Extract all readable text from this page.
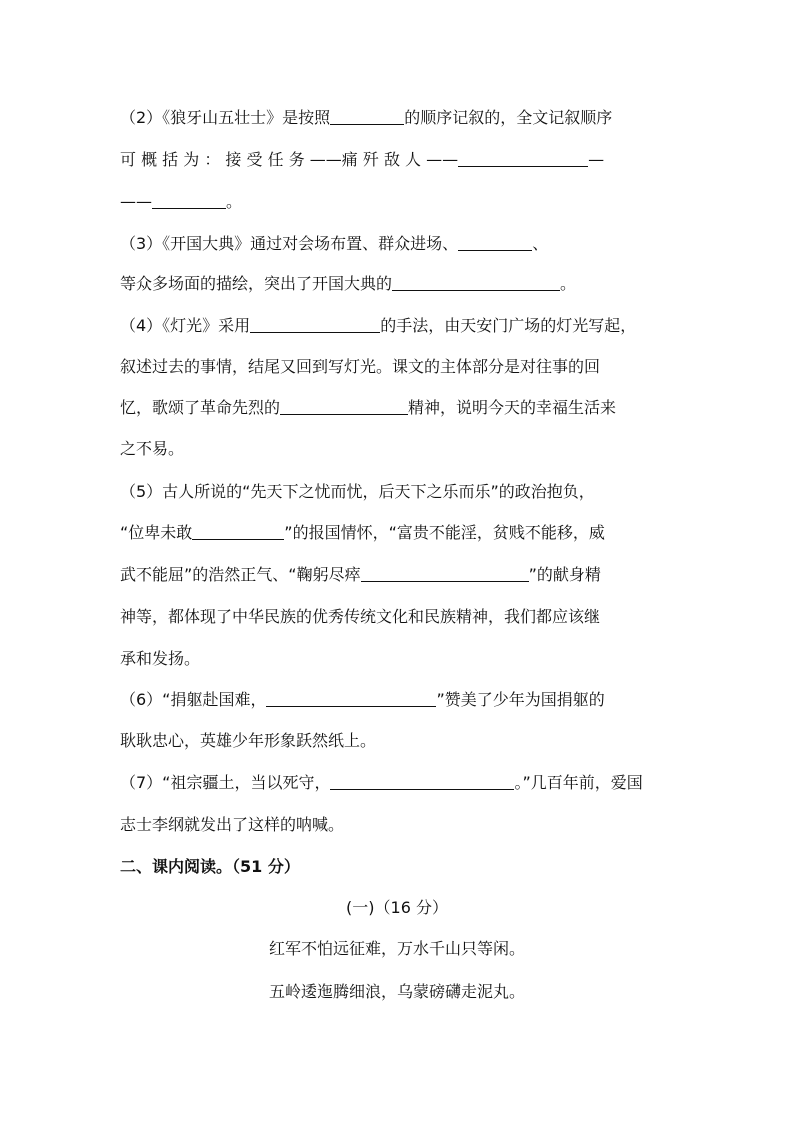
（2）《狼牙山五壮士》是按照	的顺序记叙的，全文记叙顺序
可 概 括 为 ： 接 受 任 务 ——痛 歼 敌 人 ——	—
——	。
（3）《开国大典》通过对会场布置、群众进场、	、
等众多场面的描绘，突出了开国大典的	。
（4）《灯光》采用	的手法，由天安门广场的灯光写起，
叙述过去的事情，结尾又回到写灯光。课文的主体部分是对往事的回
忆，歌颂了革命先烈的	精神，说明今天的幸福生活来
之不易。
（5）古人所说的“先天下之忧而忧，后天下之乐而乐”的政治抱负，
“位卑未敢	”的报国情怀，“富贵不能淫，贫贱不能移，威
武不能屈”的浩然正气、“鞠躬尽瘁	”的献身精
神等，都体现了中华民族的优秀传统文化和民族精神，我们都应该继
承和发扬。
（6）“捐躯赴国难，	”赞美了少年为国捐躯的
耿耿忠心，英雄少年形象跃然纸上。
（7）“祖宗疆土，当以死守，	。”几百年前，爱国
志士李纲就发出了这样的呐喊。
二、课内阅读。（51 分）
(一)（16 分）
红军不怕远征难，万水千山只等闲。
五岭逶迤腾细浪，乌蒙磅礴走泥丸。
